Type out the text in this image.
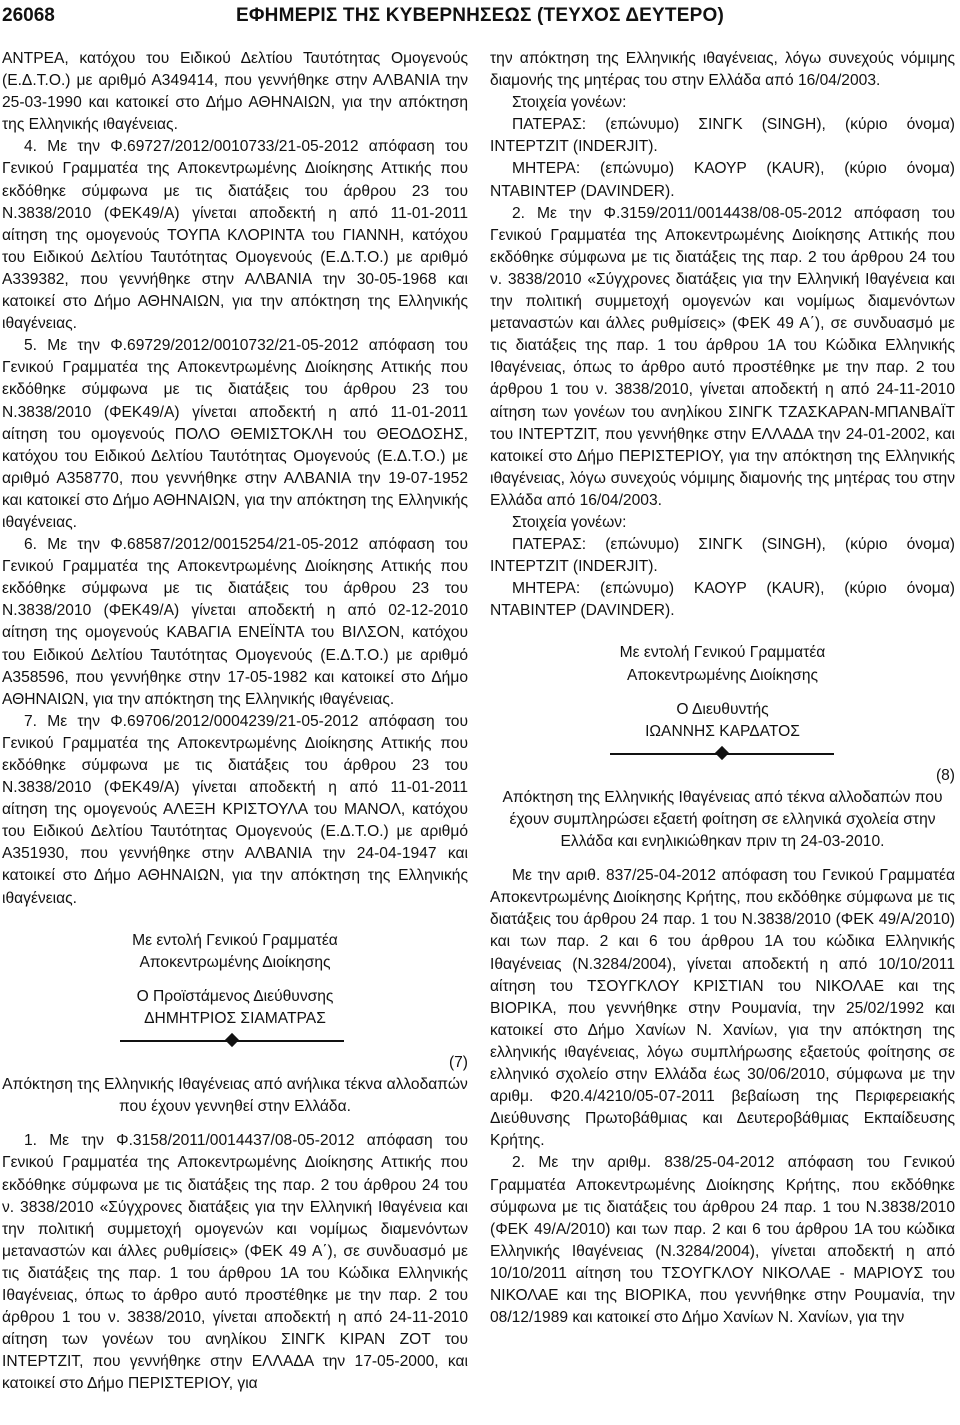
26068	ΕΦΗΜΕΡΙΣ ΤΗΣ ΚΥΒΕΡΝΗΣΕΩΣ (ΤΕΥΧΟΣ ΔΕΥΤΕΡΟ)

ΑΝΤΡΕΑ, κατόχου του Ειδικού Δελτίου Ταυτότητας Ομογενούς (Ε.Δ.Τ.Ο.) με αριθμό Α349414, που γεννήθηκε στην ΑΛΒΑΝΙΑ την 25-03-1990 και κατοικεί στο Δήμο ΑΘΗΝΑΙΩΝ, για την απόκτηση της Ελληνικής ιθαγένειας.

4. Με την Φ.69727/2012/0010733/21-05-2012 απόφαση του Γενικού Γραμματέα της Αποκεντρωμένης Διοίκησης Αττικής που εκδόθηκε σύμφωνα με τις διατάξεις του άρθρου 23 του Ν.3838/2010 (ΦΕΚ49/Α) γίνεται αποδεκτή η από 11-01-2011 αίτηση της ομογενούς ΤΟΥΠΑ ΚΛΟΡΙΝΤΑ του ΓΙΑΝΝΗ, κατόχου του Ειδικού Δελτίου Ταυτότητας Ομογενούς (Ε.Δ.Τ.Ο.) με αριθμό Α339382, που γεννήθηκε στην ΑΛΒΑΝΙΑ την 30-05-1968 και κατοικεί στο Δήμο ΑΘΗΝΑΙΩΝ, για την απόκτηση της Ελληνικής ιθαγένειας.

5. Με την Φ.69729/2012/0010732/21-05-2012 απόφαση του Γενικού Γραμματέα της Αποκεντρωμένης Διοίκησης Αττικής που εκδόθηκε σύμφωνα με τις διατάξεις του άρθρου 23 του Ν.3838/2010 (ΦΕΚ49/Α) γίνεται αποδεκτή η από 11-01-2011 αίτηση του ομογενούς ΠΟΛΟ ΘΕΜΙΣΤΟΚΛΗ του ΘΕΟΔΟΣΗΣ, κατόχου του Ειδικού Δελτίου Ταυτότητας Ομογενούς (Ε.Δ.Τ.Ο.) με αριθμό Α358770, που γεννήθηκε στην ΑΛΒΑΝΙΑ την 19-07-1952 και κατοικεί στο Δήμο ΑΘΗΝΑΙΩΝ, για την απόκτηση της Ελληνικής ιθαγένειας.

6. Με την Φ.68587/2012/0015254/21-05-2012 απόφαση του Γενικού Γραμματέα της Αποκεντρωμένης Διοίκησης Αττικής που εκδόθηκε σύμφωνα με τις διατάξεις του άρθρου 23 του Ν.3838/2010 (ΦΕΚ49/Α) γίνεται αποδεκτή η από 02-12-2010 αίτηση της ομογενούς ΚΑΒΑΓΙΑ ΕΝΕΪΝΤΑ του ΒΙΛΣΟΝ, κατόχου του Ειδικού Δελτίου Ταυτότητας Ομογενούς (Ε.Δ.Τ.Ο.) με αριθμό Α358596, που γεννήθηκε στην 17-05-1982 και κατοικεί στο Δήμο ΑΘΗΝΑΙΩΝ, για την απόκτηση της Ελληνικής ιθαγένειας.

7. Με την Φ.69706/2012/0004239/21-05-2012 απόφαση του Γενικού Γραμματέα της Αποκεντρωμένης Διοίκησης Αττικής που εκδόθηκε σύμφωνα με τις διατάξεις του άρθρου 23 του Ν.3838/2010 (ΦΕΚ49/Α) γίνεται αποδεκτή η από 11-01-2011 αίτηση της ομογενούς ΑΛΕΞΗ ΚΡΙΣΤΟΥΛΑ του ΜΑΝΟΛ, κατόχου του Ειδικού Δελτίου Ταυτότητας Ομογενούς (Ε.Δ.Τ.Ο.) με αριθμό Α351930, που γεννήθηκε στην ΑΛΒΑΝΙΑ την 24-04-1947 και κατοικεί στο Δήμο ΑΘΗΝΑΙΩΝ, για την απόκτηση της Ελληνικής ιθαγένειας.

Με εντολή Γενικού Γραμματέα

Αποκεντρωμένης Διοίκησης

Ο Προϊστάμενος Διεύθυνσης

ΔΗΜΗΤΡΙΟΣ ΣΙΑΜΑΤΡΑΣ

(7)

Απόκτηση της Ελληνικής Ιθαγένειας από ανήλικα τέκνα αλλοδαπών που έχουν γεννηθεί στην Ελλάδα.

1. Με την Φ.3158/2011/0014437/08-05-2012 απόφαση του Γενικού Γραμματέα της Αποκεντρωμένης Διοίκησης Αττικής που εκδόθηκε σύμφωνα με τις διατάξεις της παρ. 2 του άρθρου 24 του ν. 3838/2010 «Σύγχρονες διατάξεις για την Ελληνική Ιθαγένεια και την πολιτική συμμετοχή ομογενών και νομίμως διαμενόντων μεταναστών και άλλες ρυθμίσεις» (ΦΕΚ 49 Α΄), σε συνδυασμό με τις διατάξεις της παρ. 1 του άρθρου 1Α του Κώδικα Ελληνικής Ιθαγένειας, όπως το άρθρο αυτό προστέθηκε με την παρ. 2 του άρθρου 1 του ν. 3838/2010, γίνεται αποδεκτή η από 24-11-2010 αίτηση των γονέων του ανηλίκου ΣΙΝΓΚ ΚΙΡΑΝ ΖΟΤ του ΙΝΤΕΡΤΖΙΤ, που γεννήθηκε στην ΕΛΛΑΔΑ την 17-05-2000, και κατοικεί στο Δήμο ΠΕΡΙΣΤΕΡΙΟΥ, για

την απόκτηση της Ελληνικής ιθαγένειας, λόγω συνεχούς νόμιμης διαμονής της μητέρας του στην Ελλάδα από 16/04/2003.

Στοιχεία γονέων:

ΠΑΤΕΡΑΣ: (επώνυμο) ΣΙΝΓΚ (SINGH), (κύριο όνομα) ΙΝΤΕΡΤΖΙΤ (INDERJIT).

ΜΗΤΕΡΑ: (επώνυμο) ΚΑΟΥΡ (KAUR), (κύριο όνομα) ΝΤΑΒΙΝΤΕΡ (DAVINDER).

2. Με την Φ.3159/2011/0014438/08-05-2012 απόφαση του Γενικού Γραμματέα της Αποκεντρωμένης Διοίκησης Αττικής που εκδόθηκε σύμφωνα με τις διατάξεις της παρ. 2 του άρθρου 24 του ν. 3838/2010 «Σύγχρονες διατάξεις για την Ελληνική Ιθαγένεια και την πολιτική συμμετοχή ομογενών και νομίμως διαμενόντων μεταναστών και άλλες ρυθμίσεις» (ΦΕΚ 49 Α΄), σε συνδυασμό με τις διατάξεις της παρ. 1 του άρθρου 1Α του Κώδικα Ελληνικής Ιθαγένειας, όπως το άρθρο αυτό προστέθηκε με την παρ. 2 του άρθρου 1 του ν. 3838/2010, γίνεται αποδεκτή η από 24-11-2010 αίτηση των γονέων του ανηλίκου ΣΙΝΓΚ ΤΖΑΣΚΑΡΑΝ-ΜΠΑΝΒΑΪΤ του ΙΝΤΕΡΤΖΙΤ, που γεννήθηκε στην ΕΛΛΑΔΑ την 24-01-2002, και κατοικεί στο Δήμο ΠΕΡΙΣΤΕΡΙΟΥ, για την απόκτηση της Ελληνικής ιθαγένειας, λόγω συνεχούς νόμιμης διαμονής της μητέρας του στην Ελλάδα από 16/04/2003.

Στοιχεία γονέων:

ΠΑΤΕΡΑΣ: (επώνυμο) ΣΙΝΓΚ (SINGH), (κύριο όνομα) ΙΝΤΕΡΤΖΙΤ (INDERJIT).

ΜΗΤΕΡΑ: (επώνυμο) ΚΑΟΥΡ (KAUR), (κύριο όνομα) ΝΤΑΒΙΝΤΕΡ (DAVINDER).

Με εντολή Γενικού Γραμματέα

Αποκεντρωμένης Διοίκησης

Ο Διευθυντής

ΙΩΑΝΝΗΣ ΚΑΡΔΑΤΟΣ

(8)

Απόκτηση της Ελληνικής Ιθαγένειας από τέκνα αλλοδαπών που έχουν συμπληρώσει εξαετή φοίτηση σε ελληνικά σχολεία στην Ελλάδα και ενηλικιώθηκαν πριν τη 24-03-2010.

Με την αριθ. 837/25-04-2012 απόφαση του Γενικού Γραμματέα Αποκεντρωμένης Διοίκησης Κρήτης, που εκδόθηκε σύμφωνα με τις διατάξεις του άρθρου 24 παρ. 1 του Ν.3838/2010 (ΦΕΚ 49/Α/2010) και των παρ. 2 και 6 του άρθρου 1Α του κώδικα Ελληνικής Ιθαγένειας (Ν.3284/2004), γίνεται αποδεκτή η από 10/10/2011 αίτηση του ΤΣΟΥΓΚΛΟΥ ΚΡΙΣΤΙΑΝ του ΝΙΚΟΛΑΕ και της ΒΙΟΡΙΚΑ, που γεννήθηκε στην Ρουμανία, την 25/02/1992 και κατοικεί στο Δήμο Χανίων Ν. Χανίων, για την απόκτηση της ελληνικής ιθαγένειας, λόγω συμπλήρωσης εξαετούς φοίτησης σε ελληνικό σχολείο στην Ελλάδα έως 30/06/2010, σύμφωνα με την αριθμ. Φ20.4/4210/05-07-2011 βεβαίωση της Περιφερειακής Διεύθυνσης Πρωτοβάθμιας και Δευτεροβάθμιας Εκπαίδευσης Κρήτης.

2. Με την αριθμ. 838/25-04-2012 απόφαση του Γενικού Γραμματέα Αποκεντρωμένης Διοίκησης Κρήτης, που εκδόθηκε σύμφωνα με τις διατάξεις του άρθρου 24 παρ. 1 του Ν.3838/2010 (ΦΕΚ 49/Α/2010) και των παρ. 2 και 6 του άρθρου 1Α του κώδικα Ελληνικής Ιθαγένειας (Ν.3284/2004), γίνεται αποδεκτή η από 10/10/2011 αίτηση του ΤΣΟΥΓΚΛΟΥ ΝΙΚΟΛΑΕ - ΜΑΡΙΟΥΣ του ΝΙΚΟΛΑΕ και της ΒΙΟΡΙΚΑ, που γεννήθηκε στην Ρουμανία, την 08/12/1989 και κατοικεί στο Δήμο Χανίων Ν. Χανίων, για την
